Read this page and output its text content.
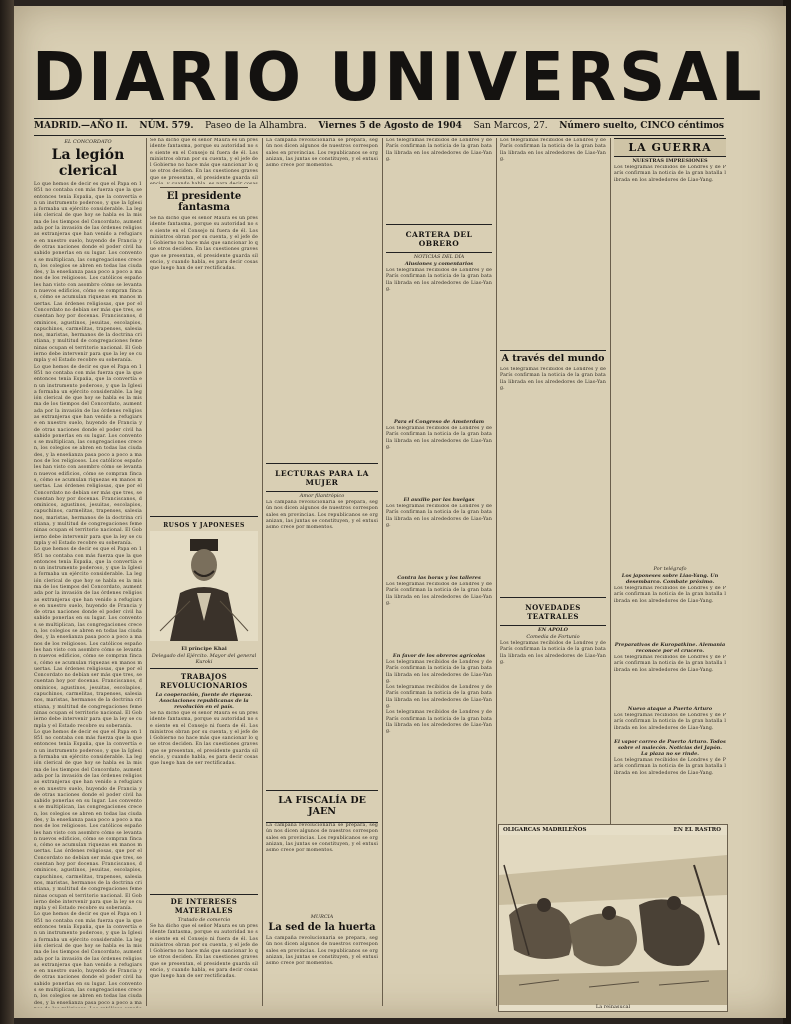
DIARIO UNIVERSAL
MADRID.—AÑO II. NÚM. 579. Paseo de la Alhambra. Viernes 5 de Agosto de 1904 San Marcos, 27. Número suelto, CINCO céntimos
EL CONCORDATO
La legión clerical
Lo que hemos de decir es que el Papa en 1851 no contaba con más fuerza que la que entonces tenía España, que la convertía en un instrumento poderoso, y que la Iglesia formaba un ejército considerable. La legión clerical de que hoy se habla es la misma de los tiempos del Concordato, aumentada por la invasión de las órdenes religiosas extranjeras que han venido a refugiarse en nuestro suelo, huyendo de Francia y de otras naciones donde el poder civil ha sabido ponerlas en su lugar. Los conventos se multiplican, las congregaciones crecen, los colegios se abren en todas las ciudades, y la enseñanza pasa poco a poco a manos de los religiosos. Los católicos españoles han visto con asombro cómo se levantan nuevos edificios, cómo se compran fincas, cómo se acumulan riquezas en manos muertas. Las órdenes religiosas, que por el Concordato no debían ser más que tres, se cuentan hoy por docenas. Franciscanos, dominicos, agustinos, jesuitas, escolapios, capuchinos, carmelitas, trapenses, salesianos, maristas, hermanos de la doctrina cristiana, y multitud de congregaciones femeninas ocupan el territorio nacional. El Gobierno debe intervenir para que la ley se cumpla y el Estado recobre su soberanía.
Lo que hemos de decir es que el Papa en 1851 no contaba con más fuerza que la que entonces tenía España, que la convertía en un instrumento poderoso, y que la Iglesia formaba un ejército considerable. La legión clerical de que hoy se habla es la misma de los tiempos del Concordato, aumentada por la invasión de las órdenes religiosas extranjeras que han venido a refugiarse en nuestro suelo, huyendo de Francia y de otras naciones donde el poder civil ha sabido ponerlas en su lugar. Los conventos se multiplican, las congregaciones crecen, los colegios se abren en todas las ciudades, y la enseñanza pasa poco a poco a manos de los religiosos. Los católicos españoles han visto con asombro cómo se levantan nuevos edificios, cómo se compran fincas, cómo se acumulan riquezas en manos muertas. Las órdenes religiosas, que por el Concordato no debían ser más que tres, se cuentan hoy por docenas. Franciscanos, dominicos, agustinos, jesuitas, escolapios, capuchinos, carmelitas, trapenses, salesianos, maristas, hermanos de la doctrina cristiana, y multitud de congregaciones femeninas ocupan el territorio nacional. El Gobierno debe intervenir para que la ley se cumpla y el Estado recobre su soberanía.
Lo que hemos de decir es que el Papa en 1851 no contaba con más fuerza que la que entonces tenía España, que la convertía en un instrumento poderoso, y que la Iglesia formaba un ejército considerable. La legión clerical de que hoy se habla es la misma de los tiempos del Concordato, aumentada por la invasión de las órdenes religiosas extranjeras que han venido a refugiarse en nuestro suelo, huyendo de Francia y de otras naciones donde el poder civil ha sabido ponerlas en su lugar. Los conventos se multiplican, las congregaciones crecen, los colegios se abren en todas las ciudades, y la enseñanza pasa poco a poco a manos de los religiosos. Los católicos españoles han visto con asombro cómo se levantan nuevos edificios, cómo se compran fincas, cómo se acumulan riquezas en manos muertas. Las órdenes religiosas, que por el Concordato no debían ser más que tres, se cuentan hoy por docenas. Franciscanos, dominicos, agustinos, jesuitas, escolapios, capuchinos, carmelitas, trapenses, salesianos, maristas, hermanos de la doctrina cristiana, y multitud de congregaciones femeninas ocupan el territorio nacional. El Gobierno debe intervenir para que la ley se cumpla y el Estado recobre su soberanía.
Lo que hemos de decir es que el Papa en 1851 no contaba con más fuerza que la que entonces tenía España, que la convertía en un instrumento poderoso, y que la Iglesia formaba un ejército considerable. La legión clerical de que hoy se habla es la misma de los tiempos del Concordato, aumentada por la invasión de las órdenes religiosas extranjeras que han venido a refugiarse en nuestro suelo, huyendo de Francia y de otras naciones donde el poder civil ha sabido ponerlas en su lugar. Los conventos se multiplican, las congregaciones crecen, los colegios se abren en todas las ciudades, y la enseñanza pasa poco a poco a manos de los religiosos. Los católicos españoles han visto con asombro cómo se levantan nuevos edificios, cómo se compran fincas, cómo se acumulan riquezas en manos muertas. Las órdenes religiosas, que por el Concordato no debían ser más que tres, se cuentan hoy por docenas. Franciscanos, dominicos, agustinos, jesuitas, escolapios, capuchinos, carmelitas, trapenses, salesianos, maristas, hermanos de la doctrina cristiana, y multitud de congregaciones femeninas ocupan el territorio nacional. El Gobierno debe intervenir para que la ley se cumpla y el Estado recobre su soberanía.
Lo que hemos de decir es que el Papa en 1851 no contaba con más fuerza que la que entonces tenía España, que la convertía en un instrumento poderoso, y que la Iglesia formaba un ejército considerable. La legión clerical de que hoy se habla es la misma de los tiempos del Concordato, aumentada por la invasión de las órdenes religiosas extranjeras que han venido a refugiarse en nuestro suelo, huyendo de Francia y de otras naciones donde el poder civil ha sabido ponerlas en su lugar. Los conventos se multiplican, las congregaciones crecen, los colegios se abren en todas las ciudades, y la enseñanza pasa poco a poco a ma
Se ha dicho que el señor Maura es un presidente fantasma, porque su autoridad no se siente en el Consejo ni fuera de él. Los ministros obran por su cuenta, y el jefe del Gobierno no hace más que sancionar lo que otros deciden. En las cuestiones graves que se presentan, el presidente guarda sil
El presidente fantasma
Se ha dicho que el señor Maura es un presidente fantasma, porque su autoridad no se siente en el Consejo ni fuera de él. Los ministros obran por su cuenta, y el jefe del Gobierno no hace más que sancionar lo que otros deciden. En las cuestiones graves que se presentan, el presidente guarda silencio, y cuando habla, es para decir cosas que luego han de ser rectificadas.
RUSOS Y JAPONESES
El príncipe Khai
Delegado del Ejército. Mayor del general Kuroki
TRABAJOS REVOLUCIONARIOS
La cooperación, fuente de riqueza. Asociaciones republicanas de la revolución en el país.
Se ha dicho que el señor Maura es un presidente fantasma, porque su autoridad no se siente en el Consejo ni fuera de él. Los ministros obran por su cuenta, y el jefe del Gobierno no hace más que sancionar lo que otros deciden. En las cuestiones graves que se presentan, el presidente guarda silencio, y cuando habla, es para decir cosas que luego han de ser rectificadas.
DE INTERESES MATERIALES
Tratado de comercio
Se ha dicho que el señor Maura es un presidente fantasma, porque su autoridad no se siente en el Consejo ni fuera de él. Los ministros obran por su cuenta, y el jefe del Gobierno no hace más que sancionar lo que otros deciden. En las cuestiones graves que se presentan, el presidente guarda silencio, y cuando habla, es para decir cosas que luego han de ser rectificadas.
La campaña revolucionaria se prepara, según nos dicen algunos de nuestros corresponsales en provincias. Los republicanos se organizan, las juntas se constituyen, y el entusiasmo crece por momentos.
LECTURAS PARA LA MUJER
Amor filantrópico
La campaña revolucionaria se prepara, según nos dicen algunos de nuestros corresponsales en provincias. Los republicanos se organizan, las juntas se constituyen, y el entusiasmo crece por momentos.
LA FISCALÍA DE JAEN
La campaña revolucionaria se prepara, según nos dicen algunos de nuestros corresponsales en provincias. Los republicanos se organizan, las juntas se constituyen, y el entusiasmo crece por momentos.
MURCIA
La sed de la huerta
La campaña revolucionaria se prepara, según nos dicen algunos de nuestros corresponsales en provincias. Los republicanos se organizan, las juntas se constituyen, y el entusiasmo crece por momentos.
Los telegramas recibidos de Londres y de París confirman la noticia de la gran batalla librada en los alrededores de Liao-Yang.
CARTERA DEL OBRERO
NOTICIAS DEL DÍA
Alusiones y comentarios
Los telegramas recibidos de Londres y de París confirman la noticia de la gran batalla librada en los alrededores de Liao-Yang.
Para el Congreso de Amsterdam
Los telegramas recibidos de Londres y de París confirman la noticia de la gran batalla librada en los alrededores de Liao-Yang.
El auxilio por las huelgas
Los telegramas recibidos de Londres y de París confirman la noticia de la gran batalla librada en los alrededores de Liao-Yang.
Contra las horas y los talleres
Los telegramas recibidos de Londres y de París confirman la noticia de la gran batalla librada en los alrededores de Liao-Yang.
En favor de los obreros agrícolas
Los telegramas recibidos de Londres y de París confirman la noticia de la gran batalla librada en los alrededores de Liao-Yang.
Los telegramas recibidos de Londres y de París confirman la noticia de la gran batalla librada en los alrededores de Liao-Yang.
Los telegramas recibidos de Londres y de París confirman la noticia de la gran batalla librada en los alrededores de Liao-Yang.
Los telegramas recibidos de Londres y de París confirman la noticia de la gran batalla librada en los alrededores de Liao-Yang.
A través del mundo
Los telegramas recibidos de Londres y de París confirman la noticia de la gran batalla librada en los alrededores de Liao-Yang.
NOVEDADES TEATRALES
EN APOLO
Comedia de Fortunio
Los telegramas recibidos de Londres y de París confirman la noticia de la gran batalla librada en los alrededores de Liao-Yang.
LA GUERRA
NUESTRAS IMPRESIONES
Los telegramas recibidos de Londres y de París confirman la noticia de la gran batalla librada en los alrededores de Liao-Yang.
Por telégrafo
Los japoneses sobre Liao-Yang. Un desembarco. Combate próximo.
Los telegramas recibidos de Londres y de París confirman la noticia de la gran batalla librada en los alrededores de Liao-Yang.
Preparativos de Kuropatkine. Alemania reconoce por el crucero.
Los telegramas recibidos de Londres y de París confirman la noticia de la gran batalla librada en los alrededores de Liao-Yang.
Nuevo ataque a Puerto Arturo
Los telegramas recibidos de Londres y de París confirman la noticia de la gran batalla librada en los alrededores de Liao-Yang.
El vapor correo de Puerto Arturo. Todos sobre el malecón. Noticias del Japón. La plaza no se rinde.
Los telegramas recibidos de Londres y de París confirman la noticia de la gran batalla librada en los alrededores de Liao-Yang.
OLIGARCAS MADRILEÑOS	EN EL RASTRO
La reinasucal
